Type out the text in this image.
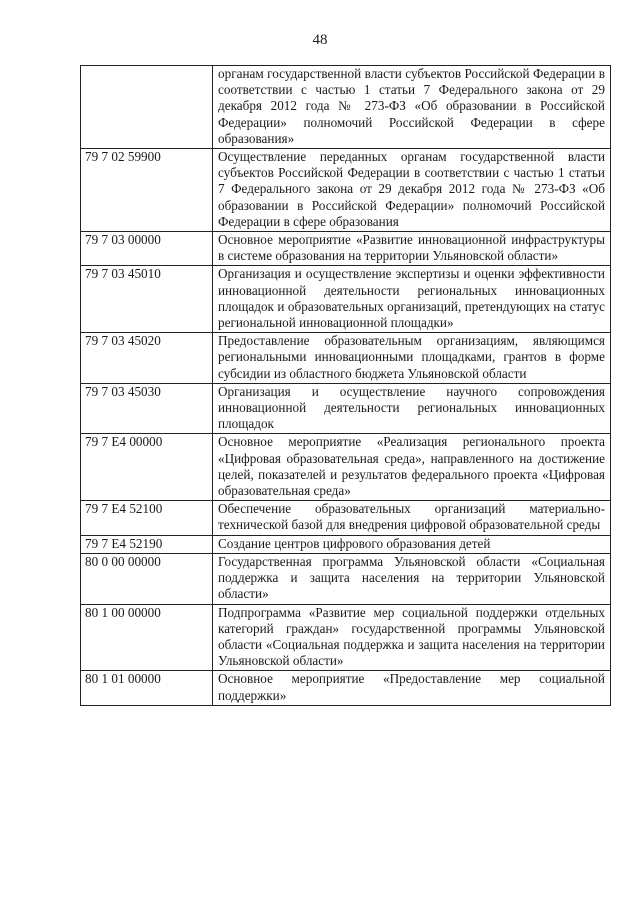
48
	органам государственной власти субъектов Российской Федерации в соответствии с частью 1 статьи 7 Федерального закона от 29 декабря 2012 года № 273-ФЗ «Об образовании в Российской Федерации» полномочий Российской Федерации в сфере образования»
79 7 02 59900	Осуществление переданных органам государственной власти субъектов Российской Федерации в соответствии с частью 1 статьи 7 Федерального закона от 29 декабря 2012 года № 273-ФЗ «Об образовании в Российской Федерации» полномочий Российской Федерации в сфере образования
79 7 03 00000	Основное мероприятие «Развитие инновационной инфраструктуры в системе образования на территории Ульяновской области»
79 7 03 45010	Организация и осуществление экспертизы и оценки эффективности инновационной деятельности региональных инновационных площадок и образовательных организаций, претендующих на статус региональной инновационной площадки»
79 7 03 45020	Предоставление образовательным организациям, являющимся региональными инновационными площадками, грантов в форме субсидии из областного бюджета Ульяновской области
79 7 03 45030	Организация и осуществление научного сопровождения инновационной деятельности региональных инновационных площадок
79 7 E4 00000	Основное мероприятие «Реализация регионального проекта «Цифровая образовательная среда», направленного на достижение целей, показателей и результатов федерального проекта «Цифровая образовательная среда»
79 7 E4 52100	Обеспечение образовательных организаций материально-технической базой для внедрения цифровой образовательной среды
79 7 E4 52190	Создание центров цифрового образования детей
80 0 00 00000	Государственная программа Ульяновской области «Социальная поддержка и защита населения на территории Ульяновской области»
80 1 00 00000	Подпрограмма «Развитие мер социальной поддержки отдельных категорий граждан» государственной программы Ульяновской области «Социальная поддержка и защита населения на территории Ульяновской области»
80 1 01 00000	Основное мероприятие «Предоставление мер социальной поддержки»
